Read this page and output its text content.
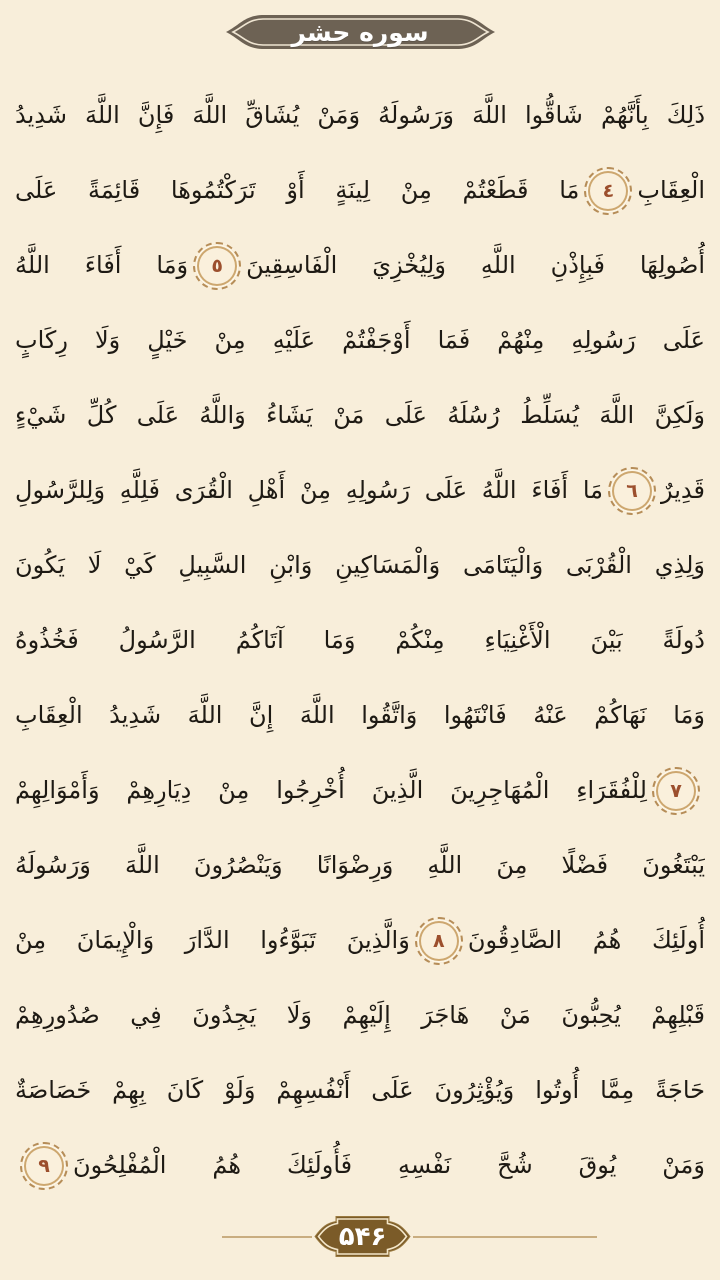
سوره حشر
ذَلِكَ بِأَنَّهُمْ شَاقُّوا اللَّهَ وَرَسُولَهُ وَمَنْ يُشَاقِّ اللَّهَ فَإِنَّ اللَّهَ شَدِيدُ
الْعِقَابِ
٤
مَا قَطَعْتُمْ مِنْ لِينَةٍ أَوْ تَرَكْتُمُوهَا قَائِمَةً عَلَى
أُصُولِهَا فَبِإِذْنِ اللَّهِ وَلِيُخْزِيَ الْفَاسِقِينَ
٥
وَمَا أَفَاءَ اللَّهُ
عَلَى رَسُولِهِ مِنْهُمْ فَمَا أَوْجَفْتُمْ عَلَيْهِ مِنْ خَيْلٍ وَلَا رِكَابٍ
وَلَكِنَّ اللَّهَ يُسَلِّطُ رُسُلَهُ عَلَى مَنْ يَشَاءُ وَاللَّهُ عَلَى كُلِّ شَيْءٍ
قَدِيرٌ
٦
مَا أَفَاءَ اللَّهُ عَلَى رَسُولِهِ مِنْ أَهْلِ الْقُرَى فَلِلَّهِ وَلِلرَّسُولِ
وَلِذِي الْقُرْبَى وَالْيَتَامَى وَالْمَسَاكِينِ وَابْنِ السَّبِيلِ كَيْ لَا يَكُونَ
دُولَةً بَيْنَ الْأَغْنِيَاءِ مِنْكُمْ وَمَا آتَاكُمُ الرَّسُولُ فَخُذُوهُ
وَمَا نَهَاكُمْ عَنْهُ فَانْتَهُوا وَاتَّقُوا اللَّهَ إِنَّ اللَّهَ شَدِيدُ الْعِقَابِ
٧
لِلْفُقَرَاءِ الْمُهَاجِرِينَ الَّذِينَ أُخْرِجُوا مِنْ دِيَارِهِمْ وَأَمْوَالِهِمْ
يَبْتَغُونَ فَضْلًا مِنَ اللَّهِ وَرِضْوَانًا وَيَنْصُرُونَ اللَّهَ وَرَسُولَهُ
أُولَئِكَ هُمُ الصَّادِقُونَ
٨
وَالَّذِينَ تَبَوَّءُوا الدَّارَ وَالْإِيمَانَ مِنْ
قَبْلِهِمْ يُحِبُّونَ مَنْ هَاجَرَ إِلَيْهِمْ وَلَا يَجِدُونَ فِي صُدُورِهِمْ
حَاجَةً مِمَّا أُوتُوا وَيُؤْثِرُونَ عَلَى أَنْفُسِهِمْ وَلَوْ كَانَ بِهِمْ خَصَاصَةٌ
وَمَنْ يُوقَ شُحَّ نَفْسِهِ فَأُولَئِكَ هُمُ الْمُفْلِحُونَ
٩
۵۴۶
